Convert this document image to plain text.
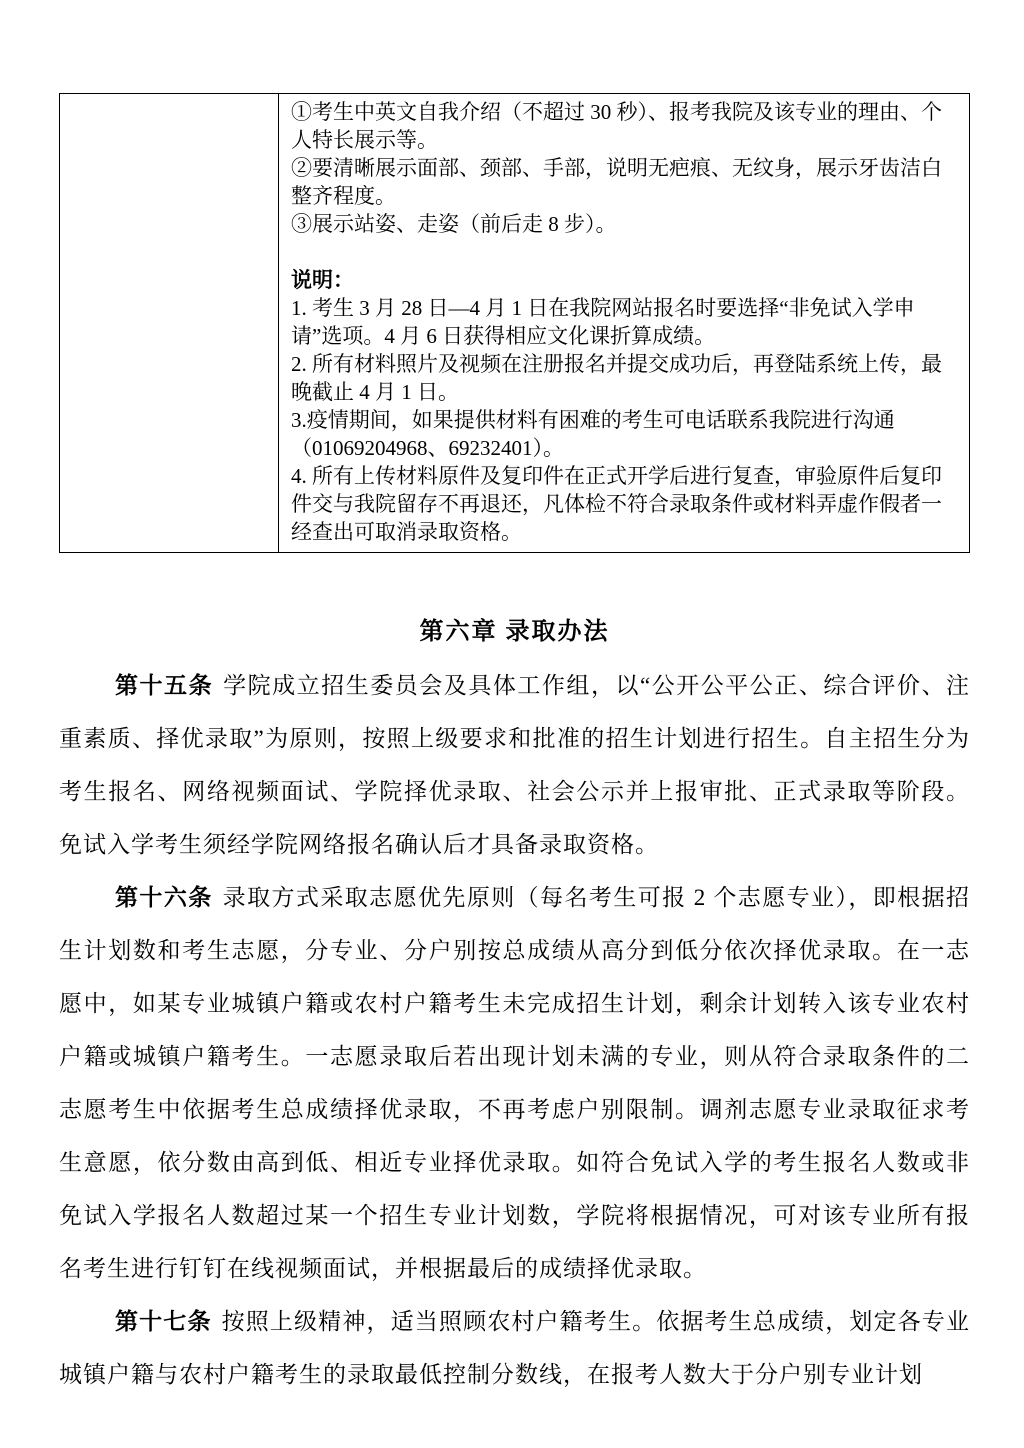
①考生中英文自我介绍（不超过 30 秒）、报考我院及该专业的理由、个人特长展示等。

②要清晰展示面部、颈部、手部，说明无疤痕、无纹身，展示牙齿洁白整齐程度。

③展示站姿、走姿（前后走 8 步）。

说明：

1. 考生 3 月 28 日—4 月 1 日在我院网站报名时要选择“非免试入学申请”选项。4 月 6 日获得相应文化课折算成绩。

2. 所有材料照片及视频在注册报名并提交成功后，再登陆系统上传，最晚截止 4 月 1 日。

3.疫情期间，如果提供材料有困难的考生可电话联系我院进行沟通（01069204968、69232401）。

4. 所有上传材料原件及复印件在正式开学后进行复查，审验原件后复印件交与我院留存不再退还，凡体检不符合录取条件或材料弄虚作假者一经查出可取消录取资格。

第六章 录取办法

第十五条 学院成立招生委员会及具体工作组，以“公开公平公正、综合评价、注重素质、择优录取”为原则，按照上级要求和批准的招生计划进行招生。自主招生分为考生报名、网络视频面试、学院择优录取、社会公示并上报审批、正式录取等阶段。免试入学考生须经学院网络报名确认后才具备录取资格。

第十六条 录取方式采取志愿优先原则（每名考生可报 2 个志愿专业），即根据招生计划数和考生志愿，分专业、分户别按总成绩从高分到低分依次择优录取。在一志愿中，如某专业城镇户籍或农村户籍考生未完成招生计划，剩余计划转入该专业农村户籍或城镇户籍考生。一志愿录取后若出现计划未满的专业，则从符合录取条件的二志愿考生中依据考生总成绩择优录取，不再考虑户别限制。调剂志愿专业录取征求考生意愿，依分数由高到低、相近专业择优录取。如符合免试入学的考生报名人数或非免试入学报名人数超过某一个招生专业计划数，学院将根据情况，可对该专业所有报名考生进行钉钉在线视频面试，并根据最后的成绩择优录取。

第十七条 按照上级精神，适当照顾农村户籍考生。依据考生总成绩，划定各专业城镇户籍与农村户籍考生的录取最低控制分数线，在报考人数大于分户别专业计划
